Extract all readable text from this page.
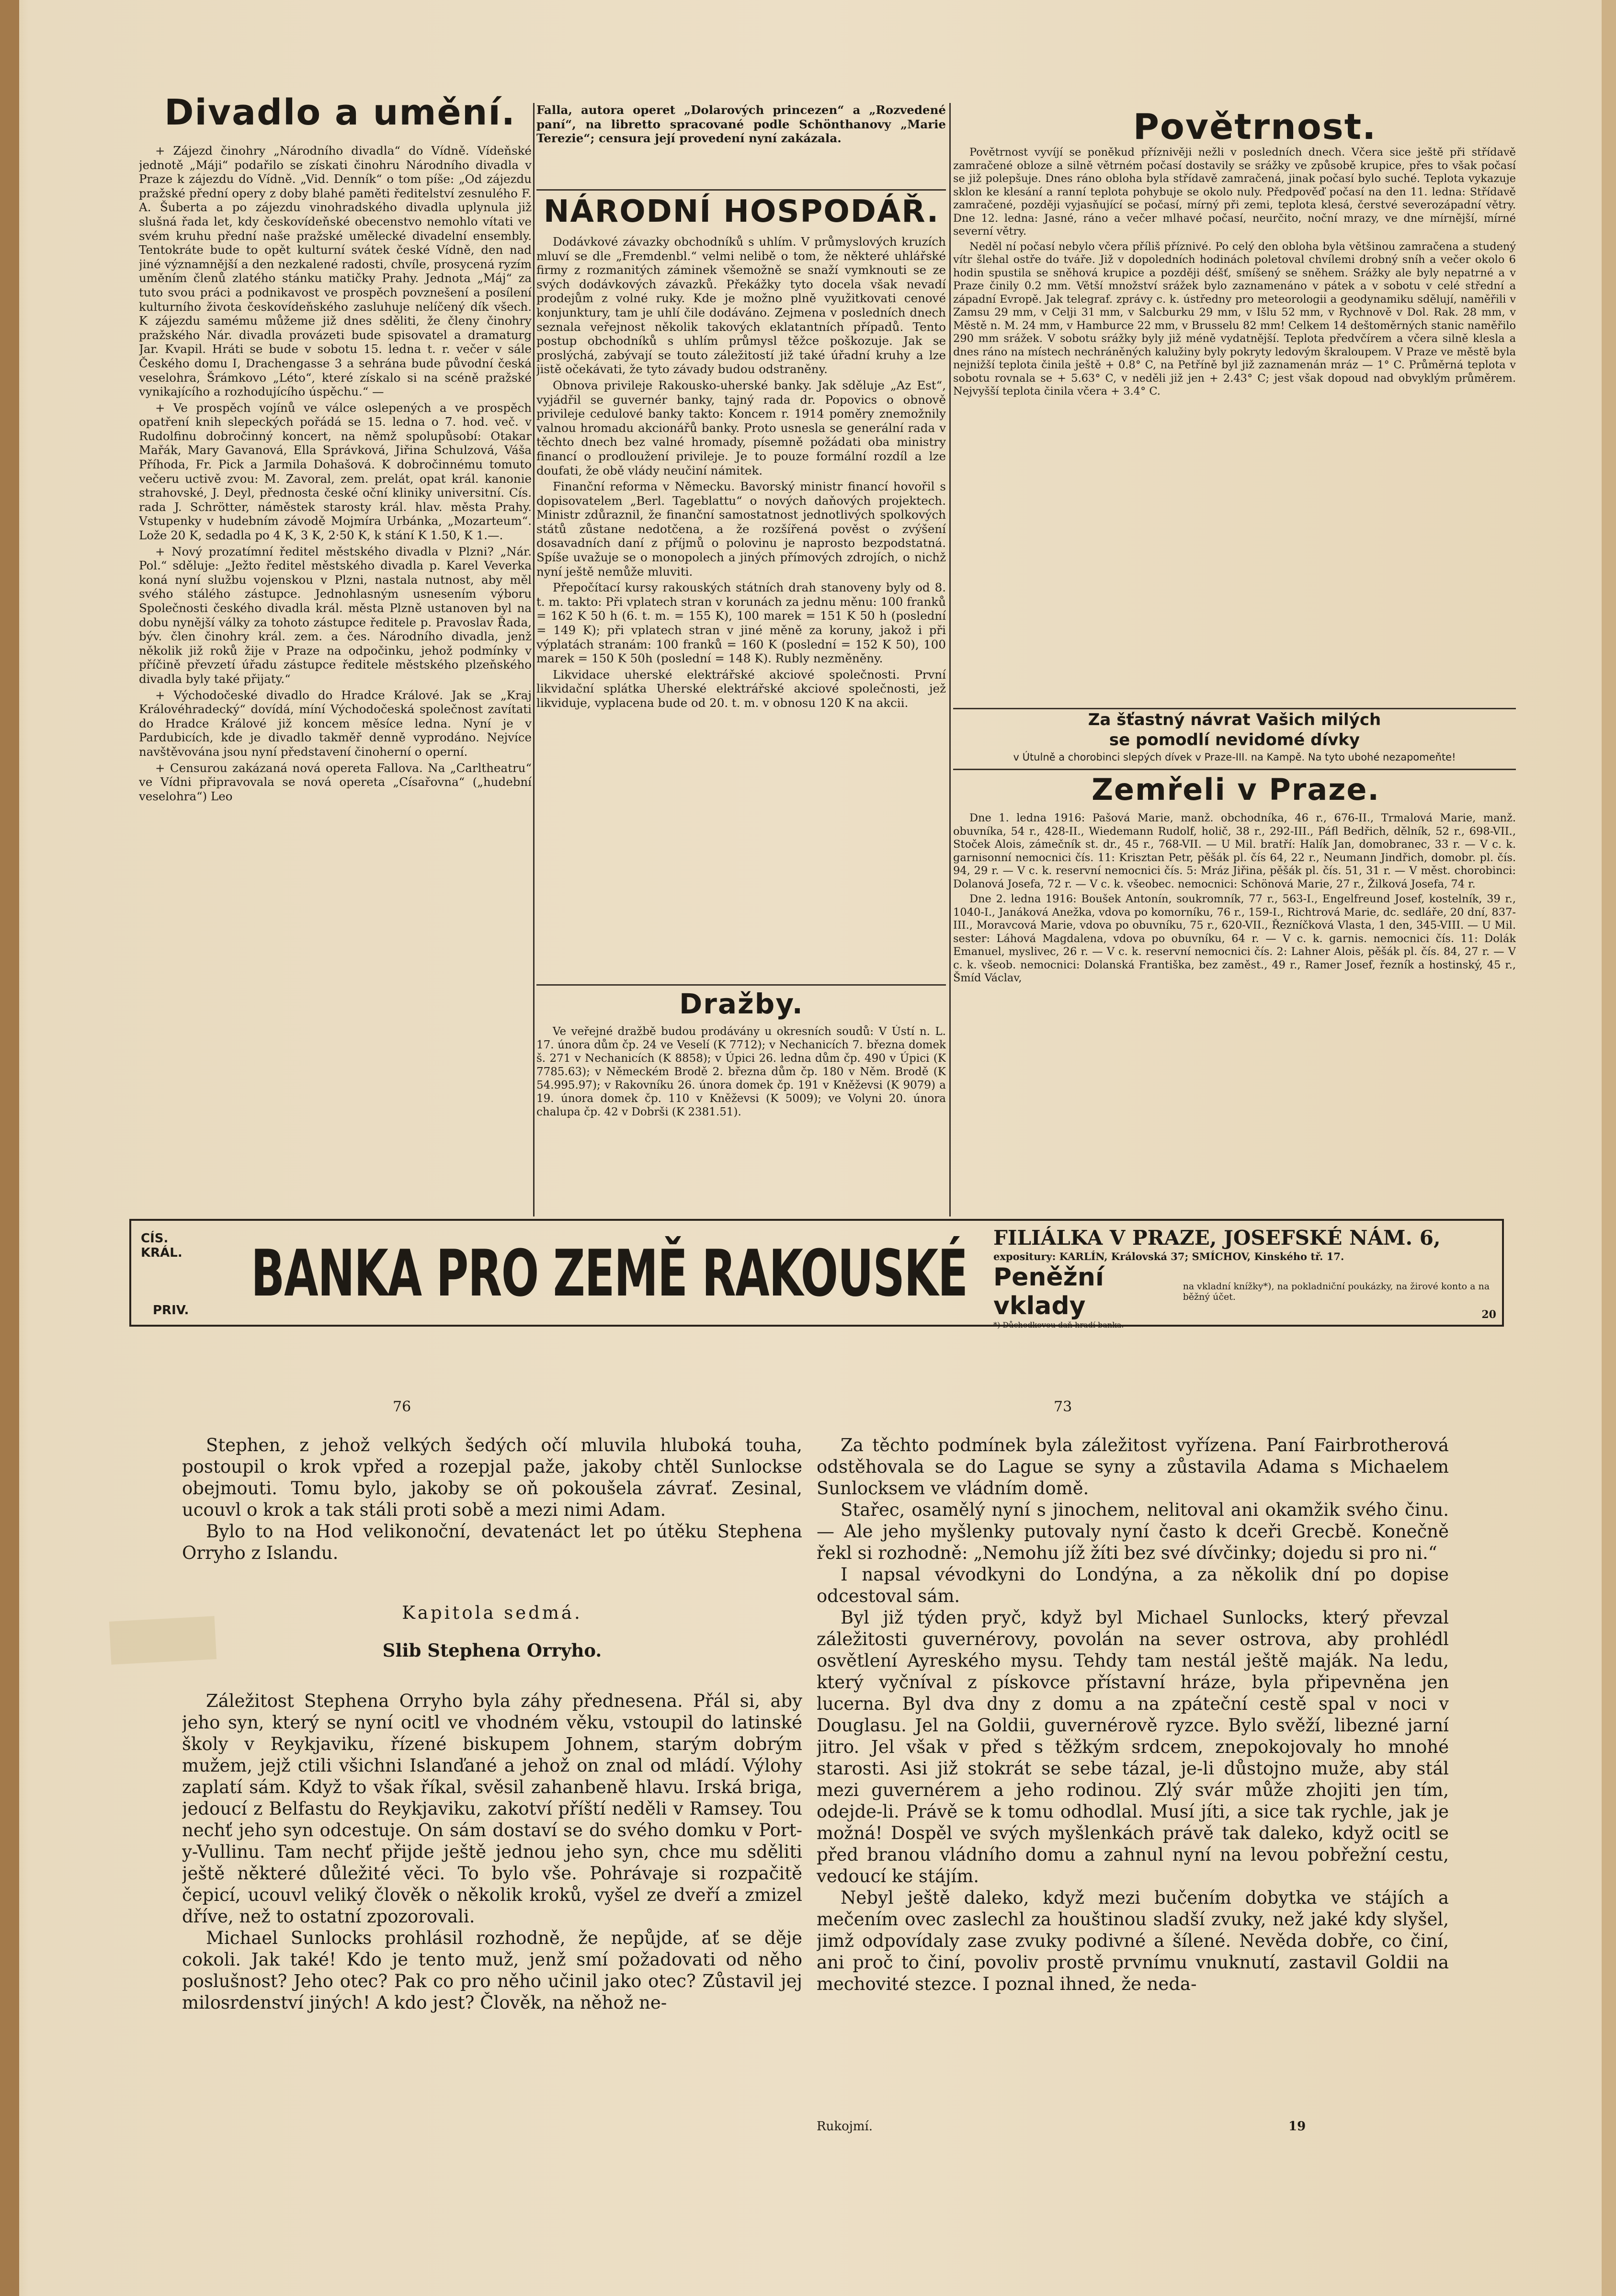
Divadlo a umění.

+ Zájezd činohry „Národního divadla“ do Vídně. Vídeňské jednotě „Máji“ podařilo se získati činohru Národního divadla v Praze k zájezdu do Vídně. „Vid. Denník“ o tom píše: „Od zájezdu pražské přední opery z doby blahé paměti ředitelství zesnulého F. A. Šuberta a po zájezdu vinohradského divadla uplynula již slušná řada let, kdy českovídeňské obecenstvo nemohlo vítati ve svém kruhu přední naše pražské umělecké divadelní ensembly. Tentokráte bude to opět kulturní svátek české Vídně, den nad jiné významnější a den nezkalené radosti, chvíle, prosycená ryzím uměním členů zlatého stánku matičky Prahy. Jednota „Máj“ za tuto svou práci a podnikavost ve prospěch povznešení a posílení kulturního života českovídeňského zasluhuje nelíčený dík všech. K zájezdu samému můžeme již dnes sděliti, že členy činohry pražského Nár. divadla provázeti bude spisovatel a dramaturg Jar. Kvapil. Hráti se bude v sobotu 15. ledna t. r. večer v sále Českého domu I, Drachengasse 3 a sehrána bude původní česká veselohra, Šrámkovo „Léto“, které získalo si na scéně pražské vynikajícího a rozhodujícího úspěchu.“ —

+ Ve prospěch vojínů ve válce oslepených a ve prospěch opatření knih slepeckých pořádá se 15. ledna o 7. hod. več. v Rudolfinu dobročinný koncert, na němž spolupůsobí: Otakar Mařák, Mary Gavanová, Ella Správková, Jiřina Schulzová, Váša Příhoda, Fr. Pick a Jarmila Dohašová. K dobročinnému tomuto večeru uctivě zvou: M. Zavoral, zem. prelát, opat král. kanonie strahovské, J. Deyl, přednosta české oční kliniky universitní. Cís. rada J. Schrötter, náměstek starosty král. hlav. města Prahy. Vstupenky v hudebním závodě Mojmíra Urbánka, „Mozarteum“. Lože 20 K, sedadla po 4 K, 3 K, 2·50 K, k stání K 1.50, K 1.—.

+ Nový prozatímní ředitel městského divadla v Plzni? „Nár. Pol.“ sděluje: „Ježto ředitel městského divadla p. Karel Veverka koná nyní službu vojenskou v Plzni, nastala nutnost, aby měl svého stálého zástupce. Jednohlasným usnesením výboru Společnosti českého divadla král. města Plzně ustanoven byl na dobu nynější války za tohoto zástupce ředitele p. Pravoslav Řada, býv. člen činohry král. zem. a čes. Národního divadla, jenž několik již roků žije v Praze na odpočinku, jehož podmínky v příčině převzetí úřadu zástupce ředitele městského plzeňského divadla byly také přijaty.“

+ Východočeské divadlo do Hradce Králové. Jak se „Kraj Královéhradecký“ dovídá, míní Východočeská společnost zavítati do Hradce Králové již koncem měsíce ledna. Nyní je v Pardubicích, kde je divadlo takměř denně vyprodáno. Nejvíce navštěvována jsou nyní představení činoherní o operní.

+ Censurou zakázaná nová opereta Fallova. Na „Carltheatru“ ve Vídni připravovala se nová opereta „Císařovna“ („hudební veselohra“) Leo

Falla, autora operet „Dolarových princezen“ a „Rozvedené paní“, na libretto spracované podle Schönthanovy „Marie Terezie“; censura její provedení nyní zakázala.

NÁRODNÍ HOSPODÁŘ.

Dodávkové závazky obchodníků s uhlím. V průmyslových kruzích mluví se dle „Fremdenbl.“ velmi nelibě o tom, že některé uhlářské firmy z rozmanitých záminek všemožně se snaží vymknouti se ze svých dodávkových závazků. Překážky tyto docela však nevadí prodejům z volné ruky. Kde je možno plně využitkovati cenové konjunktury, tam je uhlí čile dodáváno. Zejmena v posledních dnech seznala veřejnost několik takových eklatantních případů. Tento postup obchodníků s uhlím průmysl těžce poškozuje. Jak se proslýchá, zabývají se touto záležitostí již také úřadní kruhy a lze jistě očekávati, že tyto závady budou odstraněny.

Obnova privileje Rakousko-uherské banky. Jak sděluje „Az Est“, vyjádřil se guvernér banky, tajný rada dr. Popovics o obnově privileje cedulové banky takto: Koncem r. 1914 poměry znemožnily valnou hromadu akcionářů banky. Proto usnesla se generální rada v těchto dnech bez valné hromady, písemně požádati oba ministry financí o prodloužení privileje. Je to pouze formální rozdíl a lze doufati, že obě vlády neučiní námitek.

Finanční reforma v Německu. Bavorský ministr financí hovořil s dopisovatelem „Berl. Tageblattu“ o nových daňových projektech. Ministr zdůraznil, že finanční samostatnost jednotlivých spolkových států zůstane nedotčena, a že rozšířená pověst o zvýšení dosavadních daní z příjmů o polovinu je naprosto bezpodstatná. Spíše uvažuje se o monopolech a jiných přímových zdrojích, o nichž nyní ještě nemůže mluviti.

Přepočítací kursy rakouských státních drah stanoveny byly od 8. t. m. takto: Při vplatech stran v korunách za jednu měnu: 100 franků = 162 K 50 h (6. t. m. = 155 K), 100 marek = 151 K 50 h (poslední = 149 K); při vplatech stran v jiné měně za koruny, jakož i při výplatách stranám: 100 franků = 160 K (poslední = 152 K 50), 100 marek = 150 K 50h (poslední = 148 K). Rubly nezměněny.

Likvidace uherské elektrářské akciové společnosti. První likvidační splátka Uherské elektrářské akciové společnosti, jež likviduje, vyplacena bude od 20. t. m. v obnosu 120 K na akcii.

Dražby.

Ve veřejné dražbě budou prodávány u okresních soudů: V Ústí n. L. 17. února dům čp. 24 ve Veselí (K 7712); v Nechanicích 7. března domek š. 271 v Nechanicích (K 8858); v Úpici 26. ledna dům čp. 490 v Úpici (K 7785.63); v Německém Brodě 2. března dům čp. 180 v Něm. Brodě (K 54.995.97); v Rakovníku 26. února domek čp. 191 v Kněževsi (K 9079) a 19. února domek čp. 110 v Kněževsi (K 5009); ve Volyni 20. února chalupa čp. 42 v Dobrši (K 2381.51).

Povětrnost.

Povětrnost vyvíjí se poněkud příznivěji nežli v posledních dnech. Včera sice ještě při střídavě zamračené obloze a silně větrném počasí dostavily se srážky ve způsobě krupice, přes to však počasí se již polepšuje. Dnes ráno obloha byla střídavě zamračená, jinak počasí bylo suché. Teplota vykazuje sklon ke klesání a ranní teplota pohybuje se okolo nuly. Předpověď počasí na den 11. ledna: Střídavě zamračené, později vyjasňující se počasí, mírný při zemi, teplota klesá, čerstvé severozápadní větry. Dne 12. ledna: Jasné, ráno a večer mlhavé počasí, neurčito, noční mrazy, ve dne mírnější, mírné severní větry.

Neděl ní počasí nebylo včera příliš příznivé. Po celý den obloha byla většinou zamračena a studený vítr šlehal ostře do tváře. Již v dopoledních hodinách poletoval chvílemi drobný sníh a večer okolo 6 hodin spustila se sněhová krupice a později déšť, smíšený se sněhem. Srážky ale byly nepatrné a v Praze činily 0.2 mm. Větší množství srážek bylo zaznamenáno v pátek a v sobotu v celé střední a západní Evropě. Jak telegraf. zprávy c. k. ústředny pro meteorologii a geodynamiku sdělují, naměřili v Zamsu 29 mm, v Celji 31 mm, v Salcburku 29 mm, v Išlu 52 mm, v Rychnově v Dol. Rak. 28 mm, v Městě n. M. 24 mm, v Hamburce 22 mm, v Brusselu 82 mm! Celkem 14 deštoměrných stanic naměřilo 290 mm srážek. V sobotu srážky byly již méně vydatnější. Teplota předvčírem a včera silně klesla a dnes ráno na místech nechráněných kalužiny byly pokryty ledovým škraloupem. V Praze ve městě byla nejnižší teplota činila ještě + 0.8° C, na Petříně byl již zaznamenán mráz — 1° C. Průměrná teplota v sobotu rovnala se + 5.63° C, v neděli již jen + 2.43° C; jest však dopoud nad obvyklým průměrem. Nejvyšší teplota činila včera + 3.4° C.

Za šťastný návrat Vašich milých
se pomodlí nevidomé dívky
v Útulně a chorobinci slepých dívek v Praze-III. na Kampě. Na tyto ubohé nezapomeňte!
Zemřeli v Praze.

Dne 1. ledna 1916: Pašová Marie, manž. obchodníka, 46 r., 676-II., Trmalová Marie, manž. obuvníka, 54 r., 428-II., Wiedemann Rudolf, holič, 38 r., 292-III., Páfl Bedřich, dělník, 52 r., 698-VII., Stoček Alois, zámečník st. dr., 45 r., 768-VII. — U Mil. bratří: Halík Jan, domobranec, 33 r. — V c. k. garnisonní nemocnici čís. 11: Krisztan Petr, pěšák pl. čís 64, 22 r., Neumann Jindřich, domobr. pl. čís. 94, 29 r. — V c. k. reservní nemocnici čís. 5: Mráz Jiřina, pěšák pl. čís. 51, 31 r. — V měst. chorobinci: Dolanová Josefa, 72 r. — V c. k. všeobec. nemocnici: Schönová Marie, 27 r., Žilková Josefa, 74 r.

Dne 2. ledna 1916: Boušek Antonín, soukromník, 77 r., 563-I., Engelfreund Josef, kostelník, 39 r., 1040-I., Janáková Anežka, vdova po komorníku, 76 r., 159-I., Richtrová Marie, dc. sedláře, 20 dní, 837-III., Moravcová Marie, vdova po obuvníku, 75 r., 620-VII., Řezníčková Vlasta, 1 den, 345-VIII. — U Mil. sester: Láhová Magdalena, vdova po obuvníku, 64 r. — V c. k. garnis. nemocnici čís. 11: Dolák Emanuel, myslivec, 26 r. — V c. k. reservní nemocnici čís. 2: Lahner Alois, pěšák pl. čís. 84, 27 r. — V c. k. všeob. nemocnici: Dolanská Františka, bez zaměst., 49 r., Ramer Josef, řezník a hostinský, 45 r., Šmíd Václav,

CÍS. KRÁL.
PRIV. BANKA PRO ZEMĚ RAKOUSKÉ FILIÁLKA V PRAZE, JOSEFSKÉ NÁM. 6,
expositury: KARLÍN, Královská 37; SMÍCHOV, Kinského tř. 17.
Peněžní vklady
na vkladní knížky*), na pokladniční poukázky, na žirové konto a na běžný účet.
*) Důchodkovou daň hradí banka.
20
76	73

Stephen, z jehož velkých šedých očí mluvila hluboká touha, postoupil o krok vpřed a rozepjal paže, jakoby chtěl Sunlockse obejmouti. Tomu bylo, jakoby se oň pokoušela závrať. Zesinal, ucouvl o krok a tak stáli proti sobě a mezi nimi Adam.

Bylo to na Hod velikonoční, devatenáct let po útěku Stephena Orryho z Islandu.

Kapitola sedmá.

Slib Stephena Orryho.

Záležitost Stephena Orryho byla záhy přednesena. Přál si, aby jeho syn, který se nyní ocitl ve vhodném věku, vstoupil do latinské školy v Reykjaviku, řízené biskupem Johnem, starým dobrým mužem, jejž ctili všichni Islanďané a jehož on znal od mládí. Výlohy zaplatí sám. Když to však říkal, svěsil zahanbeně hlavu. Irská briga, jedoucí z Belfastu do Reykjaviku, zakotví příští neděli v Ramsey. Tou nechť jeho syn odcestuje. On sám dostaví se do svého domku v Port-y-Vullinu. Tam nechť přijde ještě jednou jeho syn, chce mu sděliti ještě některé důležité věci. To bylo vše. Pohrávaje si rozpačitě čepicí, ucouvl veliký člověk o několik kroků, vyšel ze dveří a zmizel dříve, než to ostatní zpozorovali.

Michael Sunlocks prohlásil rozhodně, že nepůjde, ať se děje cokoli. Jak také! Kdo je tento muž, jenž smí požadovati od něho poslušnost? Jeho otec? Pak co pro něho učinil jako otec? Zůstavil jej milosrdenství jiných! A kdo jest? Člověk, na něhož ne-

Za těchto podmínek byla záležitost vyřízena. Paní Fairbrotherová odstěhovala se do Lague se syny a zůstavila Adama s Michaelem Sunlocksem ve vládním domě.

Stařec, osamělý nyní s jinochem, nelitoval ani okamžik svého činu. — Ale jeho myšlenky putovaly nyní často k dceři Grecbě. Konečně řekl si rozhodně: „Nemohu jíž žíti bez své dívčinky; dojedu si pro ni.“

I napsal vévodkyni do Londýna, a za několik dní po dopise odcestoval sám.

Byl již týden pryč, když byl Michael Sunlocks, který převzal záležitosti guvernérovy, povolán na sever ostrova, aby prohlédl osvětlení Ayreského mysu. Tehdy tam nestál ještě maják. Na ledu, který vyčníval z pískovce přístavní hráze, byla připevněna jen lucerna. Byl dva dny z domu a na zpáteční cestě spal v noci v Douglasu. Jel na Goldii, guvernérově ryzce. Bylo svěží, libezné jarní jitro. Jel však v před s těžkým srdcem, znepokojovaly ho mnohé starosti. Asi již stokrát se sebe tázal, je-li důstojno muže, aby stál mezi guvernérem a jeho rodinou. Zlý svár může zhojiti jen tím, odejde-li. Právě se k tomu odhodlal. Musí jíti, a sice tak rychle, jak je možná! Dospěl ve svých myšlenkách právě tak daleko, když ocitl se před branou vládního domu a zahnul nyní na levou pobřežní cestu, vedoucí ke stájím.

Nebyl ještě daleko, když mezi bučením dobytka ve stájích a mečením ovec zaslechl za houštinou sladší zvuky, než jaké kdy slyšel, jimž odpovídaly zase zvuky podivné a šílené. Nevěda dobře, co činí, ani proč to činí, povoliv prostě prvnímu vnuknutí, zastavil Goldii na mechovité stezce. I poznal ihned, že neda-

Rukojmí.	19
